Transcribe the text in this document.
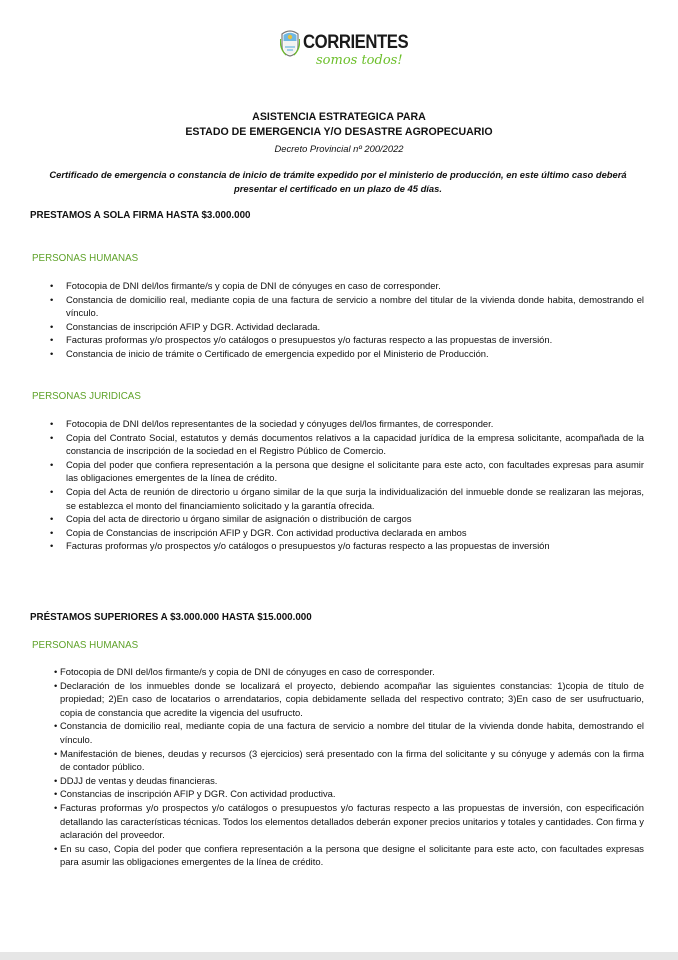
CORRIENTES
somos todos!
ASISTENCIA ESTRATEGICA PARA
ESTADO DE EMERGENCIA Y/O DESASTRE AGROPECUARIO
Decreto Provincial nº 200/2022
Certificado de emergencia o constancia de inicio de trámite expedido por el ministerio de producción, en este último caso deberá presentar el certificado en un plazo de 45 días.
PRESTAMOS A SOLA FIRMA HASTA $3.000.000
PERSONAS HUMANAS
• Fotocopia de DNI del/los firmante/s y copia de DNI de cónyuges en caso de corresponder.
• Constancia de domicilio real, mediante copia de una factura de servicio a nombre del titular de la vivienda donde habita, demostrando el vínculo.
• Constancias de inscripción AFIP y DGR. Actividad declarada.
• Facturas proformas y/o prospectos y/o catálogos o presupuestos y/o facturas respecto a las propuestas de inversión.
• Constancia de inicio de trámite o Certificado de emergencia expedido por el Ministerio de Producción.
PERSONAS JURIDICAS
• Fotocopia de DNI del/los representantes de la sociedad y cónyuges del/los firmantes, de corresponder.
• Copia del Contrato Social, estatutos y demás documentos relativos a la capacidad jurídica de la empresa solicitante, acompañada de la constancia de inscripción de la sociedad en el Registro Público de Comercio.
• Copia del poder que confiera representación a la persona que designe el solicitante para este acto, con facultades expresas para asumir las obligaciones emergentes de la línea de crédito.
• Copia del Acta de reunión de directorio u órgano similar de la que surja la individualización del inmueble donde se realizaran las mejoras, se establezca el monto del financiamiento solicitado y la garantía ofrecida.
• Copia del acta de directorio u órgano similar de asignación o distribución de cargos
• Copia de Constancias de inscripción AFIP y DGR. Con actividad productiva declarada en ambos
• Facturas proformas y/o prospectos y/o catálogos o presupuestos y/o facturas respecto a las propuestas de inversión
PRÉSTAMOS SUPERIORES A $3.000.000 HASTA $15.000.000
PERSONAS HUMANAS
• Fotocopia de DNI del/los firmante/s y copia de DNI de cónyuges en caso de corresponder.
• Declaración de los inmuebles donde se localizará el proyecto, debiendo acompañar las siguientes constancias: 1)copia de título de propiedad; 2)En caso de locatarios o arrendatarios, copia debidamente sellada del respectivo contrato; 3)En caso de ser usufructuario, copia de constancia que acredite la vigencia del usufructo.
• Constancia de domicilio real, mediante copia de una factura de servicio a nombre del titular de la vivienda donde habita, demostrando el vínculo.
• Manifestación de bienes, deudas y recursos (3 ejercicios) será presentado con la firma del solicitante y su cónyuge y además con la firma de contador público.
• DDJJ de ventas y deudas financieras.
• Constancias de inscripción AFIP y DGR. Con actividad productiva.
• Facturas proformas y/o prospectos y/o catálogos o presupuestos y/o facturas respecto a las propuestas de inversión, con especificación detallando las características técnicas. Todos los elementos detallados deberán exponer precios unitarios y totales y cantidades. Con firma y aclaración del proveedor.
• En su caso, Copia del poder que confiera representación a la persona que designe el solicitante para este acto, con facultades expresas para asumir las obligaciones emergentes de la línea de crédito.
